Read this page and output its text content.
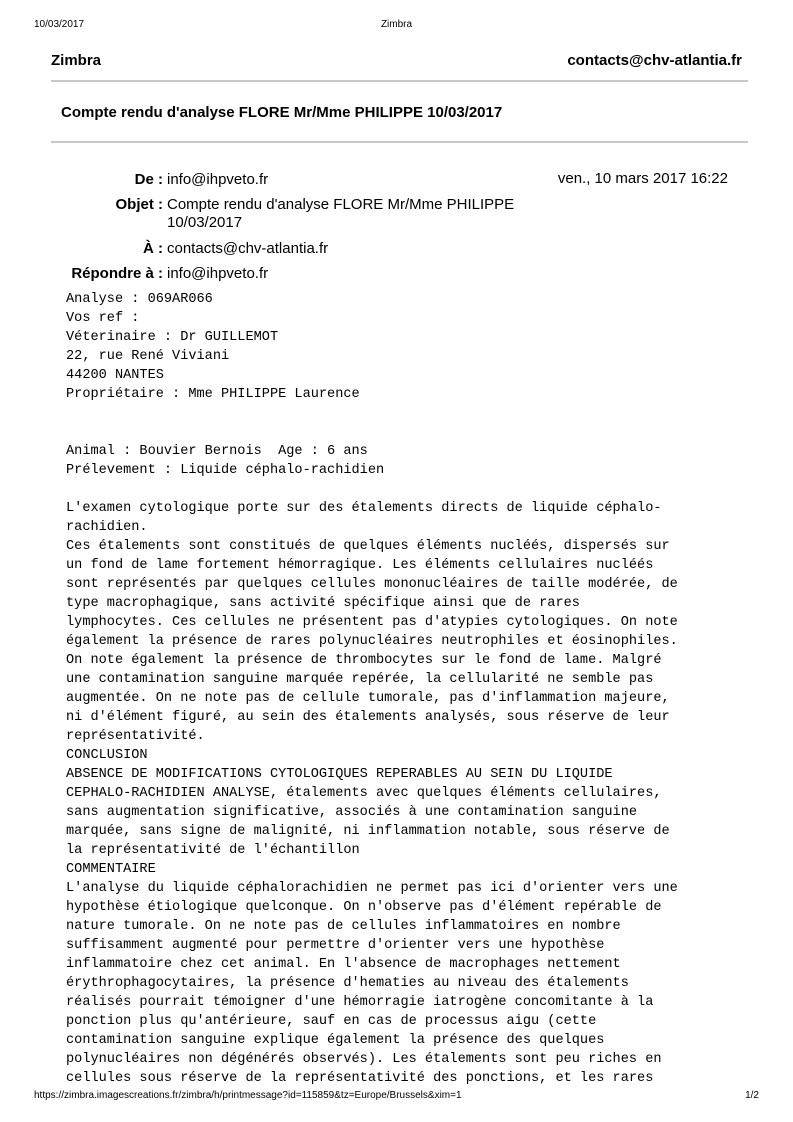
10/03/2017	Zimbra
Zimbra	contacts@chv-atlantia.fr
Compte rendu d'analyse FLORE Mr/Mme PHILIPPE 10/03/2017
De : info@ihpveto.fr	ven., 10 mars 2017 16:22
Objet : Compte rendu d'analyse FLORE Mr/Mme PHILIPPE
10/03/2017
À : contacts@chv-atlantia.fr
Répondre à : info@ihpveto.fr
Analyse : 069AR066
Vos ref :
Véterinaire : Dr GUILLEMOT
22, rue René Viviani
44200 NANTES
Propriétaire : Mme PHILIPPE Laurence

Animal : Bouvier Bernois  Age : 6 ans
Prélevement : Liquide céphalo-rachidien

L'examen cytologique porte sur des étalements directs de liquide céphalo-
rachidien.
Ces étalements sont constitués de quelques éléments nucléés, dispersés sur
un fond de lame fortement hémorragique. Les éléments cellulaires nucléés
sont représentés par quelques cellules mononucléaires de taille modérée, de
type macrophagique, sans activité spécifique ainsi que de rares
lymphocytes. Ces cellules ne présentent pas d'atypies cytologiques. On note
également la présence de rares polynucléaires neutrophiles et éosinophiles.
On note également la présence de thrombocytes sur le fond de lame. Malgré
une contamination sanguine marquée repérée, la cellularité ne semble pas
augmentée. On ne note pas de cellule tumorale, pas d'inflammation majeure,
ni d'élément figuré, au sein des étalements analysés, sous réserve de leur
représentativité.
CONCLUSION
ABSENCE DE MODIFICATIONS CYTOLOGIQUES REPERABLES AU SEIN DU LIQUIDE
CEPHALO-RACHIDIEN ANALYSE, étalements avec quelques éléments cellulaires,
sans augmentation significative, associés à une contamination sanguine
marquée, sans signe de malignité, ni inflammation notable, sous réserve de
la représentativité de l'échantillon
COMMENTAIRE
L'analyse du liquide céphalorachidien ne permet pas ici d'orienter vers une
hypothèse étiologique quelconque. On n'observe pas d'élément repérable de
nature tumorale. On ne note pas de cellules inflammatoires en nombre
suffisamment augmenté pour permettre d'orienter vers une hypothèse
inflammatoire chez cet animal. En l'absence de macrophages nettement
érythrophagocytaires, la présence d'hematies au niveau des étalements
réalisés pourrait témoigner d'une hémorragie iatrogène concomitante à la
ponction plus qu'antérieure, sauf en cas de processus aigu (cette
contamination sanguine explique également la présence des quelques
polynucléaires non dégénérés observés). Les étalements sont peu riches en
cellules sous réserve de la représentativité des ponctions, et les rares
https://zimbra.imagescreations.fr/zimbra/h/printmessage?id=115859&tz=Europe/Brussels&xim=1	1/2
